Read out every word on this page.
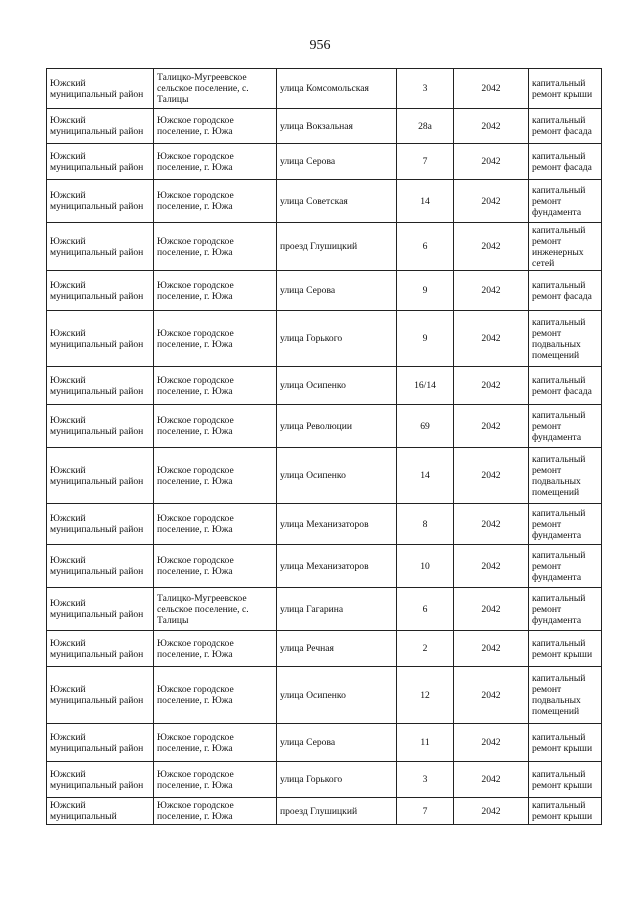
956
Южский муниципальный район	Талицко-Мугреевское сельское поселение, с. Талицы	улица Комсомольская	3	2042	капитальный ремонт крыши
Южский муниципальный район	Южское городское поселение, г. Южа	улица Вокзальная	28а	2042	капитальный ремонт фасада
Южский муниципальный район	Южское городское поселение, г. Южа	улица Серова	7	2042	капитальный ремонт фасада
Южский муниципальный район	Южское городское поселение, г. Южа	улица Советская	14	2042	капитальный ремонт фундамента
Южский муниципальный район	Южское городское поселение, г. Южа	проезд Глушицкий	6	2042	капитальный ремонт инженерных сетей
Южский муниципальный район	Южское городское поселение, г. Южа	улица Серова	9	2042	капитальный ремонт фасада
Южский муниципальный район	Южское городское поселение, г. Южа	улица Горького	9	2042	капитальный ремонт подвальных помещений
Южский муниципальный район	Южское городское поселение, г. Южа	улица Осипенко	16/14	2042	капитальный ремонт фасада
Южский муниципальный район	Южское городское поселение, г. Южа	улица Революции	69	2042	капитальный ремонт фундамента
Южский муниципальный район	Южское городское поселение, г. Южа	улица Осипенко	14	2042	капитальный ремонт подвальных помещений
Южский муниципальный район	Южское городское поселение, г. Южа	улица Механизаторов	8	2042	капитальный ремонт фундамента
Южский муниципальный район	Южское городское поселение, г. Южа	улица Механизаторов	10	2042	капитальный ремонт фундамента
Южский муниципальный район	Талицко-Мугреевское сельское поселение, с. Талицы	улица Гагарина	6	2042	капитальный ремонт фундамента
Южский муниципальный район	Южское городское поселение, г. Южа	улица Речная	2	2042	капитальный ремонт крыши
Южский муниципальный район	Южское городское поселение, г. Южа	улица Осипенко	12	2042	капитальный ремонт подвальных помещений
Южский муниципальный район	Южское городское поселение, г. Южа	улица Серова	11	2042	капитальный ремонт крыши
Южский муниципальный район	Южское городское поселение, г. Южа	улица Горького	3	2042	капитальный ремонт крыши
Южский муниципальный	Южское городское поселение, г. Южа	проезд Глушицкий	7	2042	капитальный ремонт крыши
